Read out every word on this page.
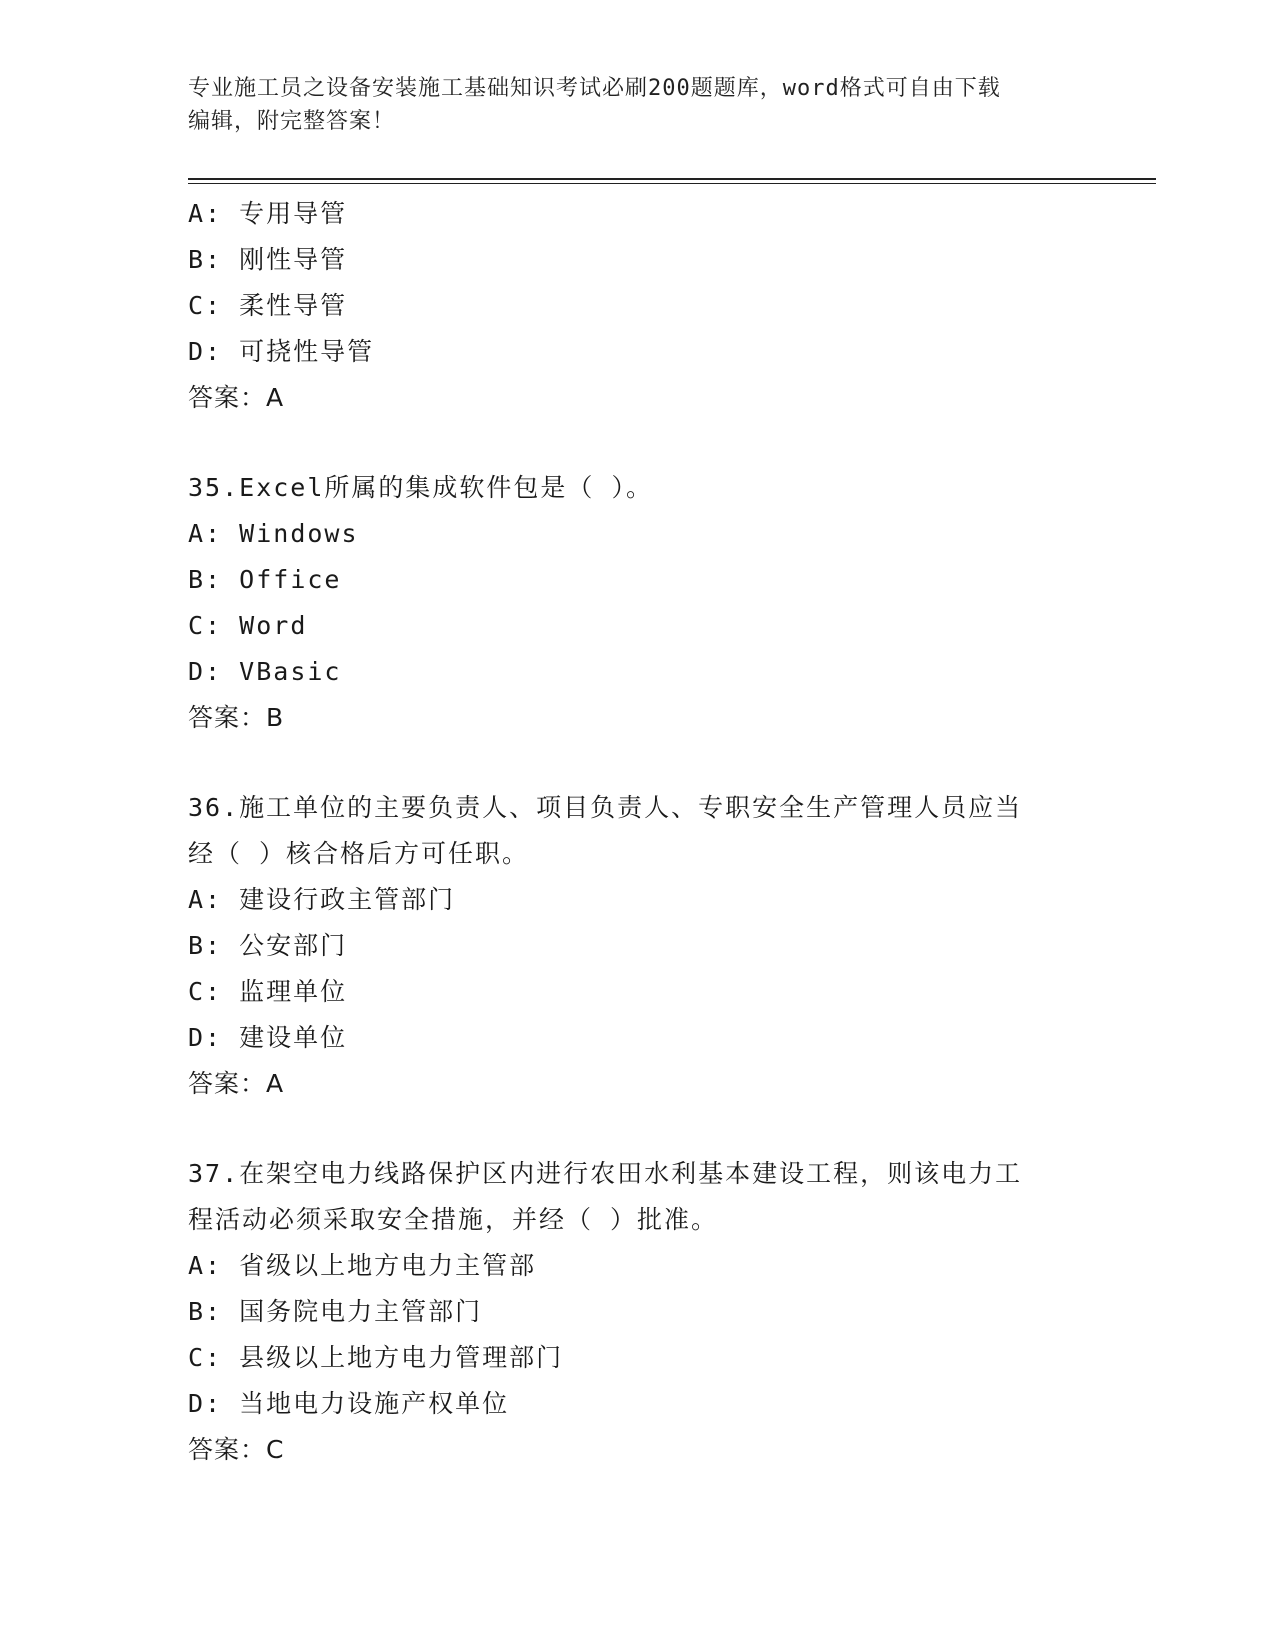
专业施工员之设备安装施工基础知识考试必刷200题题库，word格式可自由下载
编辑，附完整答案！
A: 专用导管
B: 刚性导管
C: 柔性导管
D: 可挠性导管
答案：A
35.Excel所属的集成软件包是（ ）。
A: Windows
B: Office
C: Word
D: VBasic
答案：B
36.施工单位的主要负责人、项目负责人、专职安全生产管理人员应当
经（ ）核合格后方可任职。
A: 建设行政主管部门
B: 公安部门
C: 监理单位
D: 建设单位
答案：A
37.在架空电力线路保护区内进行农田水利基本建设工程，则该电力工
程活动必须采取安全措施，并经（ ）批准。
A: 省级以上地方电力主管部
B: 国务院电力主管部门
C: 县级以上地方电力管理部门
D: 当地电力设施产权单位
答案：C
